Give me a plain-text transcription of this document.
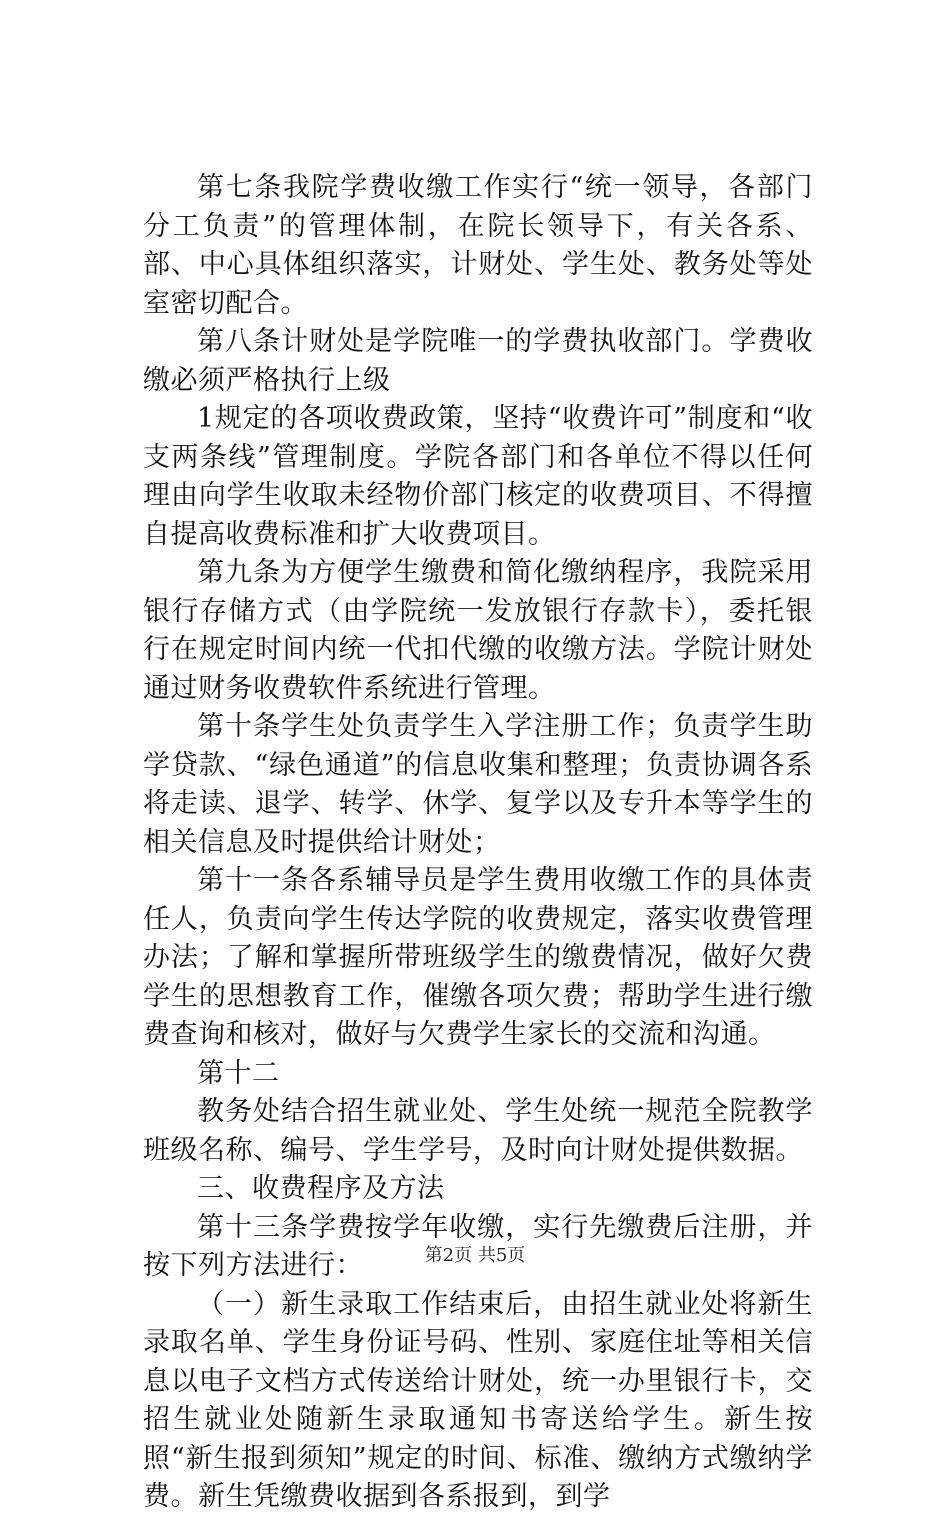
第七条我院学费收缴工作实行“统一领导，各部门分工负责”的管理体制，在院长领导下，有关各系、部、中心具体组织落实，计财处、学生处、教务处等处室密切配合。

第八条计财处是学院唯一的学费执收部门。学费收缴必须严格执行上级

1规定的各项收费政策，坚持“收费许可”制度和“收支两条线”管理制度。学院各部门和各单位不得以任何理由向学生收取未经物价部门核定的收费项目、不得擅自提高收费标准和扩大收费项目。

第九条为方便学生缴费和简化缴纳程序，我院采用银行存储方式（由学院统一发放银行存款卡），委托银行在规定时间内统一代扣代缴的收缴方法。学院计财处通过财务收费软件系统进行管理。

第十条学生处负责学生入学注册工作；负责学生助学贷款、“绿色通道”的信息收集和整理；负责协调各系将走读、退学、转学、休学、复学以及专升本等学生的相关信息及时提供给计财处；

第十一条各系辅导员是学生费用收缴工作的具体责任人，负责向学生传达学院的收费规定，落实收费管理办法；了解和掌握所带班级学生的缴费情况，做好欠费学生的思想教育工作，催缴各项欠费；帮助学生进行缴费查询和核对，做好与欠费学生家长的交流和沟通。

第十二

教务处结合招生就业处、学生处统一规范全院教学班级名称、编号、学生学号，及时向计财处提供数据。

三、收费程序及方法

第十三条学费按学年收缴，实行先缴费后注册，并按下列方法进行：

（一）新生录取工作结束后，由招生就业处将新生录取名单、学生身份证号码、性别、家庭住址等相关信息以电子文档方式传送给计财处，统一办里银行卡，交招生就业处随新生录取通知书寄送给学生。新生按照“新生报到须知”规定的时间、标准、缴纳方式缴纳学费。新生凭缴费收据到各系报到，到学

第2页 共5页
